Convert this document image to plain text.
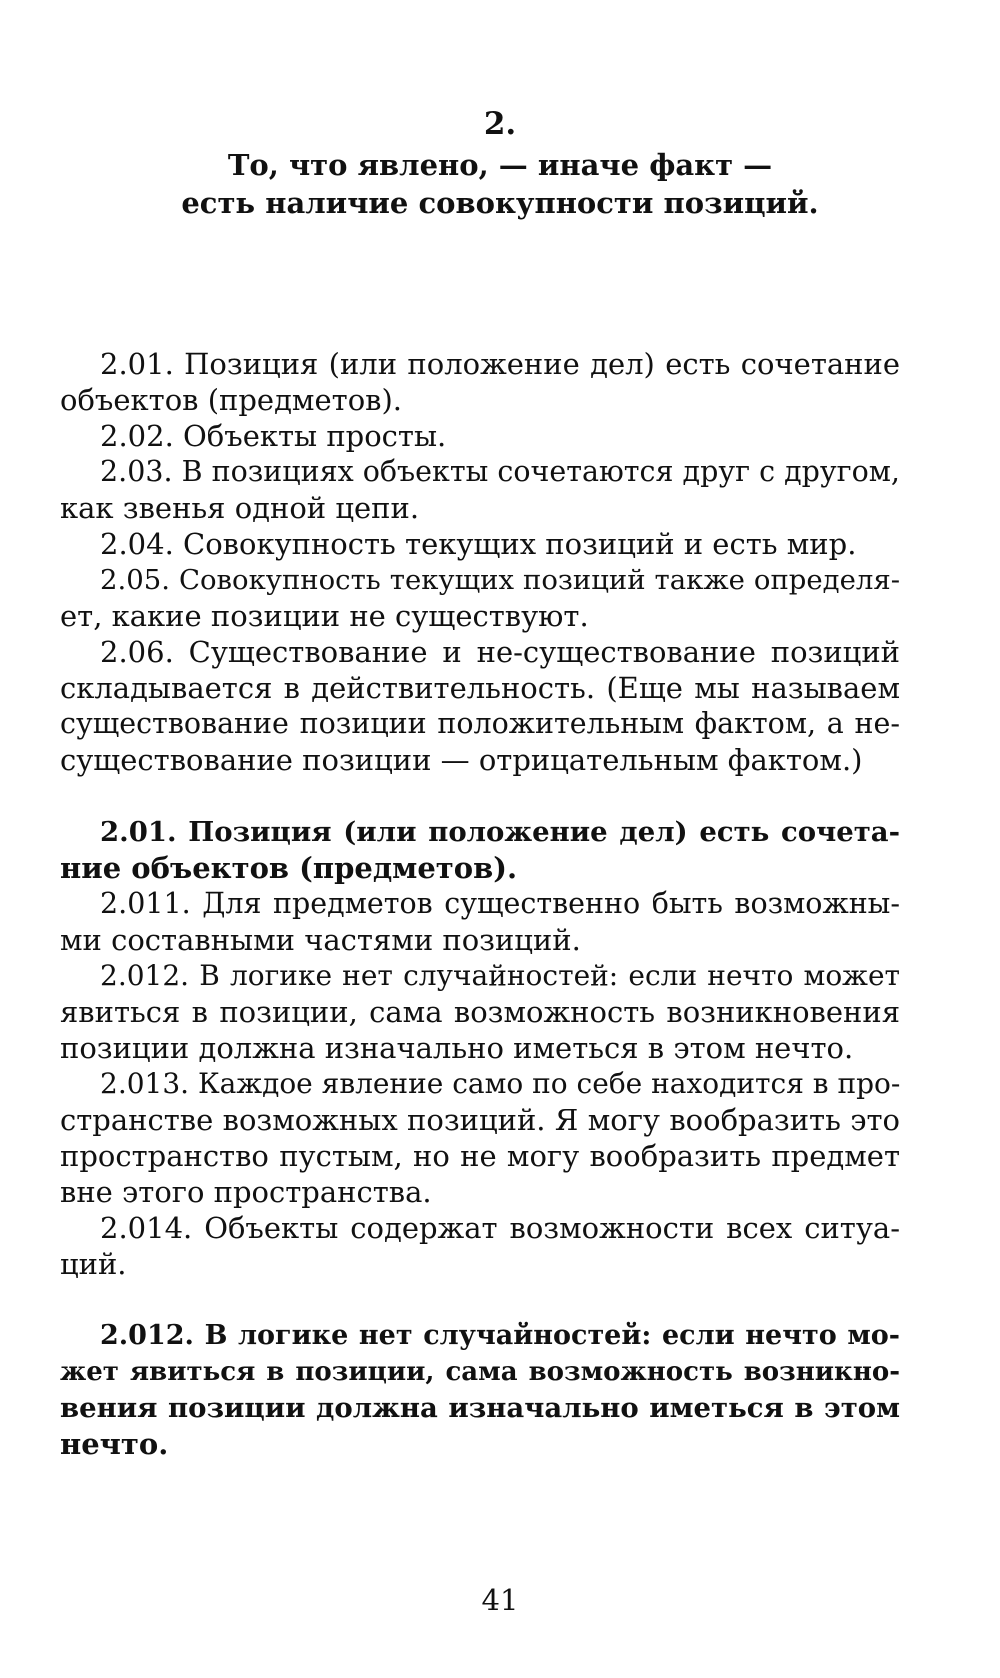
2.
То, что явлено, — иначе факт —
есть наличие совокупности позиций.
2.01. Позиция (или положение дел) есть сочетание
объектов (предметов).
2.02. Объекты просты.
2.03. В позициях объекты сочетаются друг с другом,
как звенья одной цепи.
2.04. Совокупность текущих позиций и есть мир.
2.05. Совокупность текущих позиций также определя-
ет, какие позиции не существуют.
2.06. Существование и не-существование позиций
складывается в действительность. (Еще мы называем
существование позиции положительным фактом, а не-
существование позиции — отрицательным фактом.)
2.01. Позиция (или положение дел) есть сочета-
ние объектов (предметов).
2.011. Для предметов существенно быть возможны-
ми составными частями позиций.
2.012. В логике нет случайностей: если нечто может
явиться в позиции, сама возможность возникновения
позиции должна изначально иметься в этом нечто.
2.013. Каждое явление само по себе находится в про-
странстве возможных позиций. Я могу вообразить это
пространство пустым, но не могу вообразить предмет
вне этого пространства.
2.014. Объекты содержат возможности всех ситуа-
ций.
2.012. В логике нет случайностей: если нечто мо-
жет явиться в позиции, сама возможность возникно-
вения позиции должна изначально иметься в этом
нечто.
41
